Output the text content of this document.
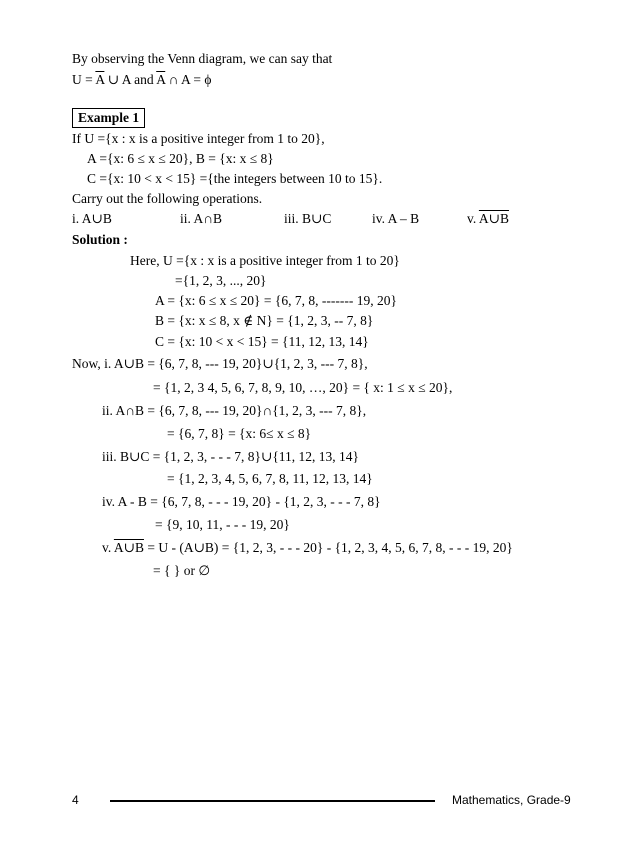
By observing the Venn diagram, we can say that
$U = \overline{A}$ ∪ A and $\overline{A}$ ∩ A = ϕ
Example 1
If U ={x : x is a positive integer from 1 to 20},
A ={x: 6 ≤ x ≤ 20}, B = {x: x ≤ 8}
C ={x: 10 < x < 15} ={the integers between 10 to 15}.
Carry out the following operations.
i. A∪B	ii. A∩B	iii. B∪C	iv. A – B	v. A∪B
Solution :
Here, U ={x : x is a positive integer from 1 to 20}
={1, 2, 3, ..., 20}
A = {x: 6 ≤ x ≤ 20} = {6, 7, 8, ------- 19, 20}
B = {x: x ≤ 8, x ∉ N} = {1, 2, 3, -- 7, 8}
C = {x: 10 < x < 15} = {11, 12, 13, 14}
Now, i. A∪B = {6, 7, 8, --- 19, 20}∪{1, 2, 3, --- 7, 8},
= {1, 2, 3 4, 5, 6, 7, 8, 9, 10, …, 20} = { x: 1 ≤ x ≤ 20},
ii. A∩B = {6, 7, 8, --- 19, 20}∩{1, 2, 3, --- 7, 8},
= {6, 7, 8} = {x: 6≤ x ≤ 8}
iii. B∪C = {1, 2, 3, - - - 7, 8}∪{11, 12, 13, 14}
= {1, 2, 3, 4, 5, 6, 7, 8, 11, 12, 13, 14}
iv. A - B = {6, 7, 8, - - - 19, 20} - {1, 2, 3, - - - 7, 8}
= {9, 10, 11, - - - 19, 20}
v. A∪B = U - (A∪B) = {1, 2, 3, - - - 20} - {1, 2, 3, 4, 5, 6, 7, 8, - - - 19, 20}
= { } or ∅
4	Mathematics, Grade-9
